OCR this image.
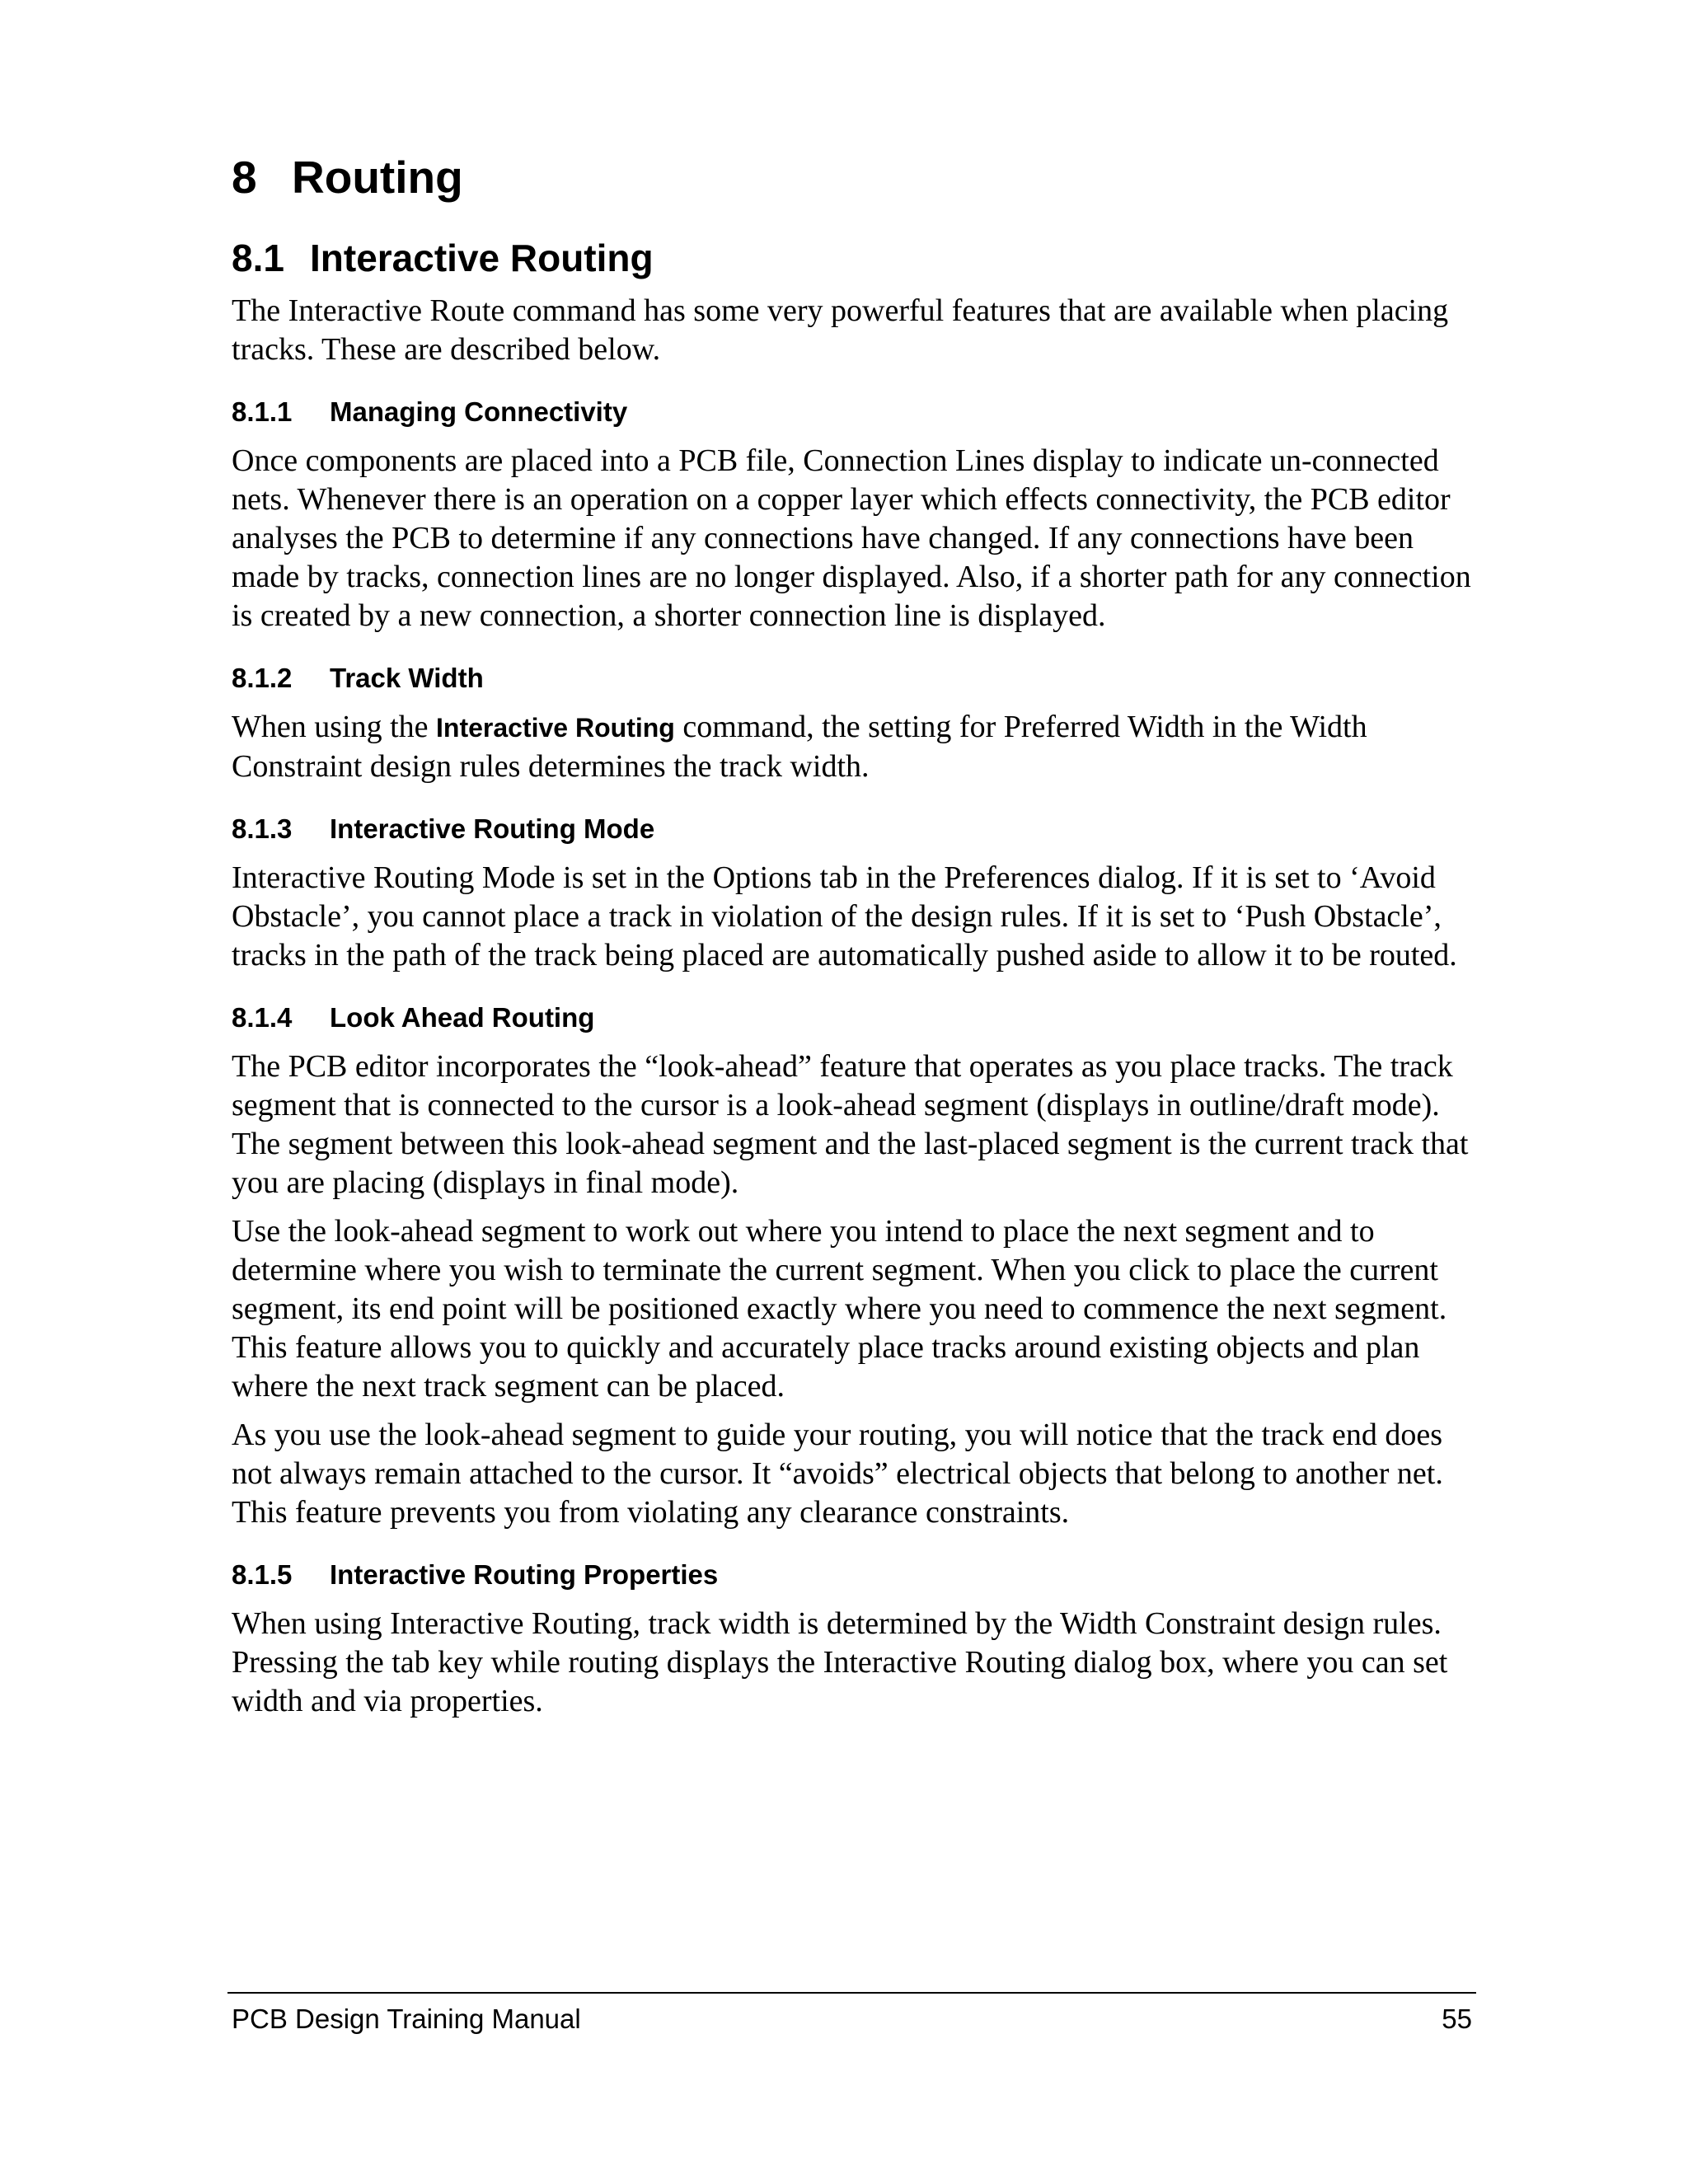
8 Routing
8.1 Interactive Routing

The Interactive Route command has some very powerful features that are available when placing tracks. These are described below.

8.1.1 Managing Connectivity

Once components are placed into a PCB file, Connection Lines display to indicate un-connected nets. Whenever there is an operation on a copper layer which effects connectivity, the PCB editor analyses the PCB to determine if any connections have changed. If any connections have been made by tracks, connection lines are no longer displayed. Also, if a shorter path for any connection is created by a new connection, a shorter connection line is displayed.

8.1.2 Track Width

When using the Interactive Routing command, the setting for Preferred Width in the Width Constraint design rules determines the track width.

8.1.3 Interactive Routing Mode

Interactive Routing Mode is set in the Options tab in the Preferences dialog. If it is set to ‘Avoid Obstacle’, you cannot place a track in violation of the design rules. If it is set to ‘Push Obstacle’, tracks in the path of the track being placed are automatically pushed aside to allow it to be routed.

8.1.4 Look Ahead Routing

The PCB editor incorporates the “look-ahead” feature that operates as you place tracks. The track segment that is connected to the cursor is a look-ahead segment (displays in outline/draft mode). The segment between this look-ahead segment and the last-placed segment is the current track that you are placing (displays in final mode).

Use the look-ahead segment to work out where you intend to place the next segment and to determine where you wish to terminate the current segment. When you click to place the current segment, its end point will be positioned exactly where you need to commence the next segment. This feature allows you to quickly and accurately place tracks around existing objects and plan where the next track segment can be placed.

As you use the look-ahead segment to guide your routing, you will notice that the track end does not always remain attached to the cursor. It “avoids” electrical objects that belong to another net. This feature prevents you from violating any clearance constraints.

8.1.5 Interactive Routing Properties

When using Interactive Routing, track width is determined by the Width Constraint design rules. Pressing the tab key while routing displays the Interactive Routing dialog box, where you can set width and via properties.

PCB Design Training Manual	55
